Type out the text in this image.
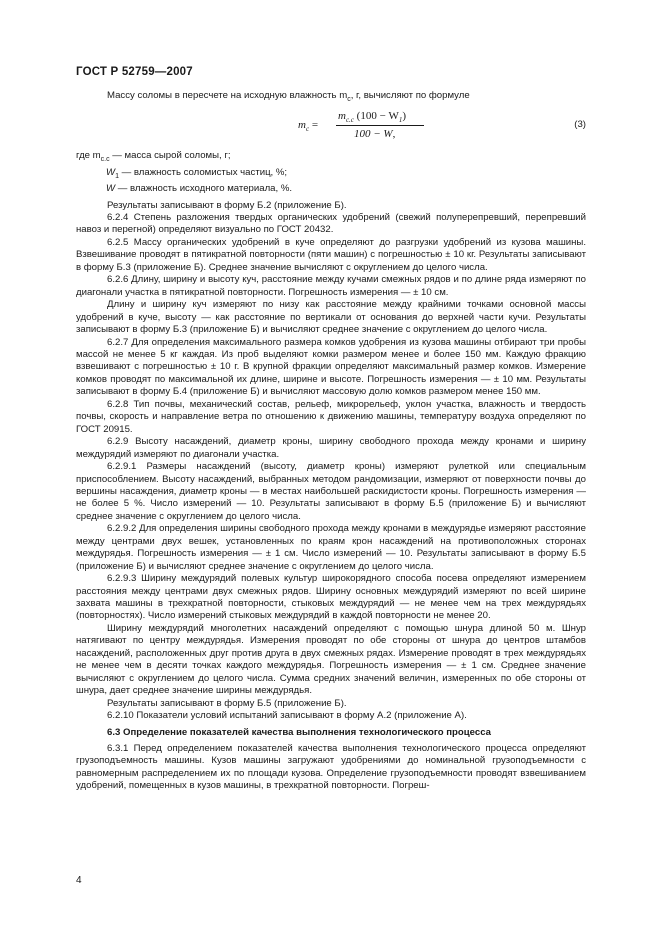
ГОСТ Р 52759—2007

Массу соломы в пересчете на исходную влажность $m_с$, г, вычисляют по формуле

$m_с$ =
$m_{с.с}$ $(100 - W_1)$
100 − W,
(3)

где $m_{с.с}$ — масса сырой соломы, г;

$W_1$ — влажность соломистых частиц, %;

W — влажность исходного материала, %.

Результаты записывают в форму Б.2 (приложение Б).

6.2.4 Степень разложения твердых органических удобрений (свежий полуперепревший, перепревший навоз и перегной) определяют визуально по ГОСТ 20432.

6.2.5 Массу органических удобрений в куче определяют до разгрузки удобрений из кузова машины. Взвешивание проводят в пятикратной повторности (пяти машин) с погрешностью ± 10 кг. Результаты записывают в форму Б.3 (приложение Б). Среднее значение вычисляют с округлением до целого числа.

6.2.6 Длину, ширину и высоту куч, расстояние между кучами смежных рядов и по длине ряда измеряют по диагонали участка в пятикратной повторности. Погрешность измерения — ± 10 см.

Длину и ширину куч измеряют по низу как расстояние между крайними точками основной массы удобрений в куче, высоту — как расстояние по вертикали от основания до верхней части кучи. Результаты записывают в форму Б.3 (приложение Б) и вычисляют среднее значение с округлением до целого числа.

6.2.7 Для определения максимального размера комков удобрения из кузова машины отбирают три пробы массой не менее 5 кг каждая. Из проб выделяют комки размером менее и более 150 мм. Каждую фракцию взвешивают с погрешностью ± 10 г. В крупной фракции определяют максимальный размер комков. Измерение комков проводят по максимальной их длине, ширине и высоте. Погрешность измерения — ± 10 мм. Результаты записывают в форму Б.4 (приложение Б) и вычисляют массовую долю комков размером менее 150 мм.

6.2.8 Тип почвы, механический состав, рельеф, микрорельеф, уклон участка, влажность и твердость почвы, скорость и направление ветра по отношению к движению машины, температуру воздуха определяют по ГОСТ 20915.

6.2.9 Высоту насаждений, диаметр кроны, ширину свободного прохода между кронами и ширину междурядий измеряют по диагонали участка.

6.2.9.1 Размеры насаждений (высоту, диаметр кроны) измеряют рулеткой или специальным приспособлением. Высоту насаждений, выбранных методом рандомизации, измеряют от поверхности почвы до вершины насаждения, диаметр кроны — в местах наибольшей раскидистости кроны. Погрешность измерения — не более 5 %. Число измерений — 10. Результаты записывают в форму Б.5 (приложение Б) и вычисляют среднее значение с округлением до целого числа.

6.2.9.2 Для определения ширины свободного прохода между кронами в междурядье измеряют расстояние между центрами двух вешек, установленных по краям крон насаждений на противоположных сторонах междурядья. Погрешность измерения — ± 1 см. Число измерений — 10. Результаты записывают в форму Б.5 (приложение Б) и вычисляют среднее значение с округлением до целого числа.

6.2.9.3 Ширину междурядий полевых культур широкорядного способа посева определяют измерением расстояния между центрами двух смежных рядов. Ширину основных междурядий измеряют по всей ширине захвата машины в трехкратной повторности, стыковых междурядий — не менее чем на трех междурядьях (повторностях). Число измерений стыковых междурядий в каждой повторности не менее 20.

Ширину междурядий многолетних насаждений определяют с помощью шнура длиной 50 м. Шнур натягивают по центру междурядья. Измерения проводят по обе стороны от шнура до центров штамбов насаждений, расположенных друг против друга в двух смежных рядах. Измерение проводят в трех междурядьях не менее чем в десяти точках каждого междурядья. Погрешность измерения — ± 1 см. Среднее значение вычисляют с округлением до целого числа. Сумма средних значений величин, измеренных по обе стороны от шнура, дает среднее значение ширины междурядья.

Результаты записывают в форму Б.5 (приложение Б).

6.2.10 Показатели условий испытаний записывают в форму А.2 (приложение А).

6.3 Определение показателей качества выполнения технологического процесса

6.3.1 Перед определением показателей качества выполнения технологического процесса определяют грузоподъемность машины. Кузов машины загружают удобрениями до номинальной грузоподъемности с равномерным распределением их по площади кузова. Определение грузоподъемности проводят взвешиванием удобрений, помещенных в кузов машины, в трехкратной повторности. Погреш-

4
